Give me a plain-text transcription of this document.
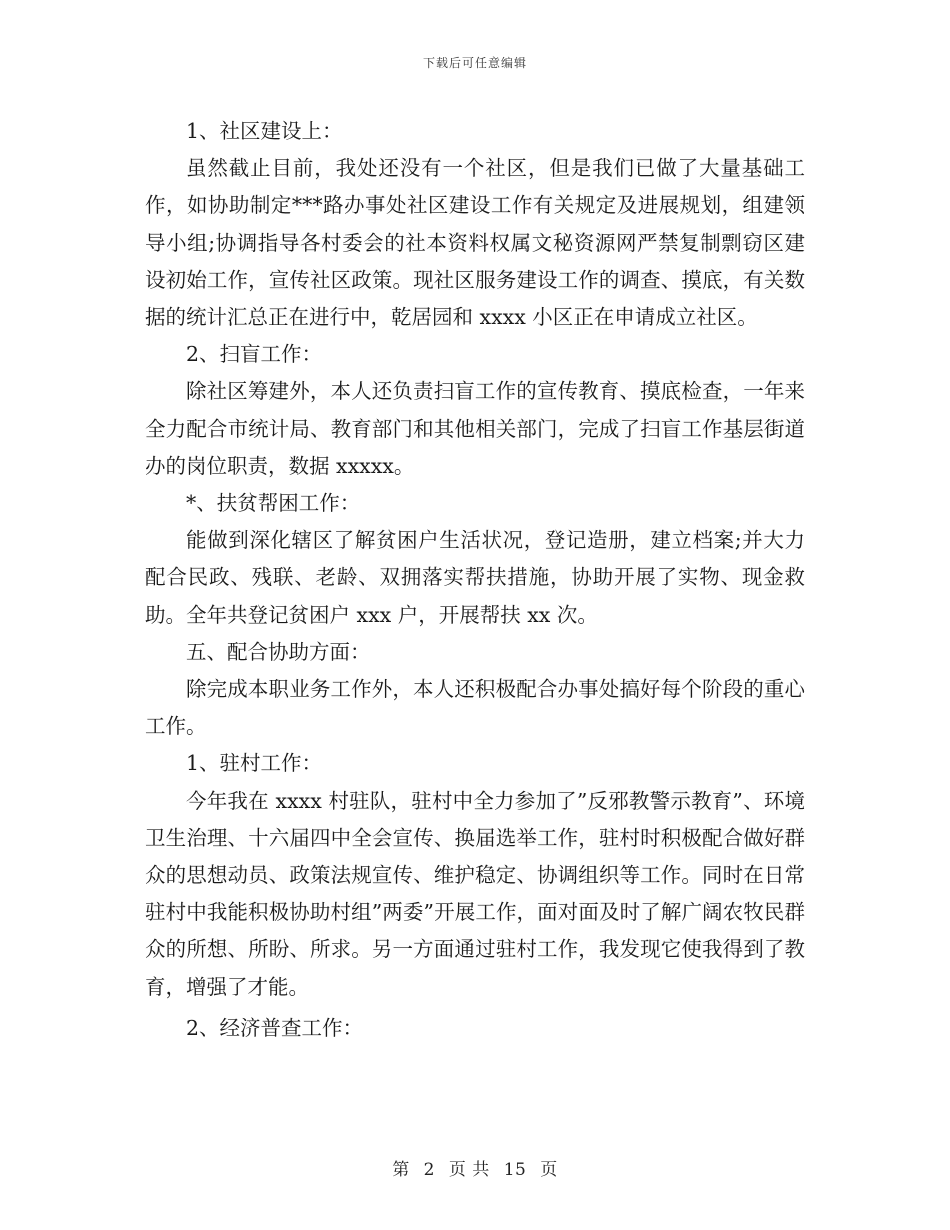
下载后可任意编辑

1、社区建设上：

虽然截止目前，我处还没有一个社区，但是我们已做了大量基础工作，如协助制定***路办事处社区建设工作有关规定及进展规划，组建领导小组;协调指导各村委会的社本资料权属文秘资源网严禁复制剽窃区建设初始工作，宣传社区政策。现社区服务建设工作的调查、摸底，有关数据的统计汇总正在进行中，乾居园和 xxxx 小区正在申请成立社区。

2、扫盲工作：

除社区筹建外，本人还负责扫盲工作的宣传教育、摸底检查，一年来全力配合市统计局、教育部门和其他相关部门，完成了扫盲工作基层街道办的岗位职责，数据 xxxxx。

*、扶贫帮困工作：

能做到深化辖区了解贫困户生活状况，登记造册，建立档案;并大力配合民政、残联、老龄、双拥落实帮扶措施，协助开展了实物、现金救助。全年共登记贫困户 xxx 户，开展帮扶 xx 次。

五、配合协助方面：

除完成本职业务工作外，本人还积极配合办事处搞好每个阶段的重心工作。

1、驻村工作：

今年我在 xxxx 村驻队，驻村中全力参加了”反邪教警示教育”、环境卫生治理、十六届四中全会宣传、换届选举工作，驻村时积极配合做好群众的思想动员、政策法规宣传、维护稳定、协调组织等工作。同时在日常驻村中我能积极协助村组”两委”开展工作，面对面及时了解广阔农牧民群众的所想、所盼、所求。另一方面通过驻村工作，我发现它使我得到了教育，增强了才能。

2、经济普查工作：

第 2 页 共 15 页
